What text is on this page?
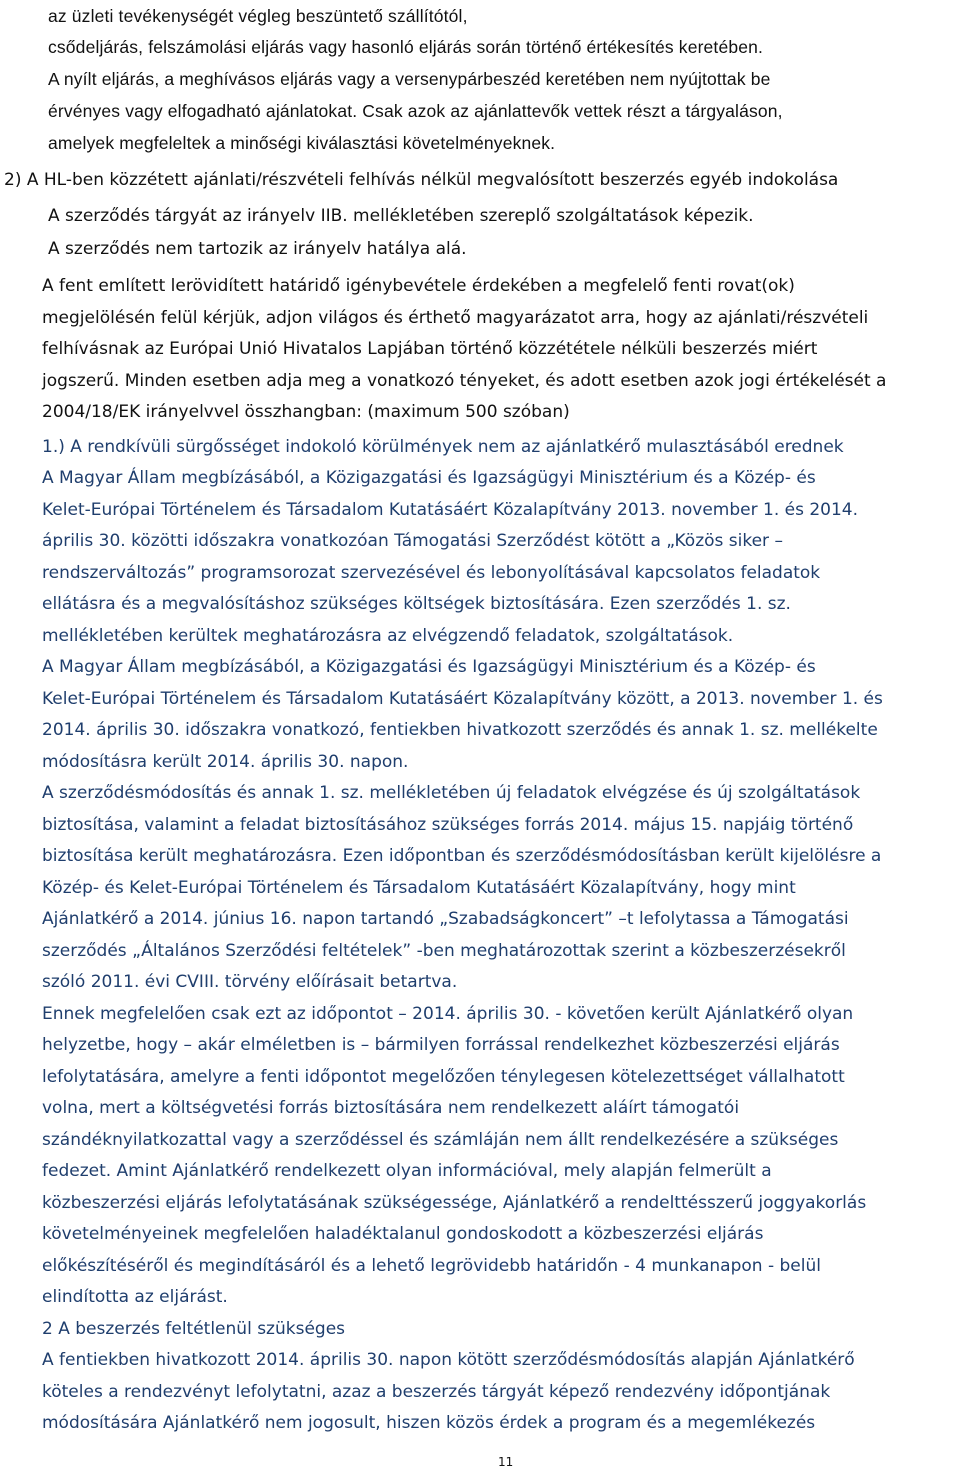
az üzleti tevékenységét végleg beszüntető szállítótól,

csődeljárás, felszámolási eljárás vagy hasonló eljárás során történő értékesítés keretében.

A nyílt eljárás, a meghívásos eljárás vagy a versenypárbeszéd keretében nem nyújtottak be

érvényes vagy elfogadható ajánlatokat. Csak azok az ajánlattevők vettek részt a tárgyaláson,

amelyek megfeleltek a minőségi kiválasztási követelményeknek.

2) A HL-ben közzétett ajánlati/részvételi felhívás nélkül megvalósított beszerzés egyéb indokolása

A szerződés tárgyát az irányelv IIB. mellékletében szereplő szolgáltatások képezik.

A szerződés nem tartozik az irányelv hatálya alá.

A fent említett lerövidített határidő igénybevétele érdekében a megfelelő fenti rovat(ok)

megjelölésén felül kérjük, adjon világos és érthető magyarázatot arra, hogy az ajánlati/részvételi

felhívásnak az Európai Unió Hivatalos Lapjában történő közzététele nélküli beszerzés miért

jogszerű. Minden esetben adja meg a vonatkozó tényeket, és adott esetben azok jogi értékelését a

2004/18/EK irányelvvel összhangban: (maximum 500 szóban)

1.) A rendkívüli sürgősséget indokoló körülmények nem az ajánlatkérő mulasztásából erednek

A Magyar Állam megbízásából, a Közigazgatási és Igazságügyi Minisztérium és a Közép- és

Kelet-Európai Történelem és Társadalom Kutatásáért Közalapítvány 2013. november 1. és 2014.

április 30. közötti időszakra vonatkozóan Támogatási Szerződést kötött a „Közös siker –

rendszerváltozás” programsorozat szervezésével és lebonyolításával kapcsolatos feladatok

ellátásra és a megvalósításhoz szükséges költségek biztosítására. Ezen szerződés 1. sz.

mellékletében kerültek meghatározásra az elvégzendő feladatok, szolgáltatások.

A Magyar Állam megbízásából, a Közigazgatási és Igazságügyi Minisztérium és a Közép- és

Kelet-Európai Történelem és Társadalom Kutatásáért Közalapítvány között, a 2013. november 1. és

2014. április 30. időszakra vonatkozó, fentiekben hivatkozott szerződés és annak 1. sz. mellékelte

módosításra került 2014. április 30. napon.

A szerződésmódosítás és annak 1. sz. mellékletében új feladatok elvégzése és új szolgáltatások

biztosítása, valamint a feladat biztosításához szükséges forrás 2014. május 15. napjáig történő

biztosítása került meghatározásra. Ezen időpontban és szerződésmódosításban került kijelölésre a

Közép- és Kelet-Európai Történelem és Társadalom Kutatásáért Közalapítvány, hogy mint

Ajánlatkérő a 2014. június 16. napon tartandó „Szabadságkoncert” –t lefolytassa a Támogatási

szerződés „Általános Szerződési feltételek” -ben meghatározottak szerint a közbeszerzésekről

szóló 2011. évi CVIII. törvény előírásait betartva.

Ennek megfelelően csak ezt az időpontot – 2014. április 30. - követően került Ajánlatkérő olyan

helyzetbe, hogy – akár elméletben is – bármilyen forrással rendelkezhet közbeszerzési eljárás

lefolytatására, amelyre a fenti időpontot megelőzően ténylegesen kötelezettséget vállalhatott

volna, mert a költségvetési forrás biztosítására nem rendelkezett aláírt támogatói

szándéknyilatkozattal vagy a szerződéssel és számláján nem állt rendelkezésére a szükséges

fedezet. Amint Ajánlatkérő rendelkezett olyan információval, mely alapján felmerült a

közbeszerzési eljárás lefolytatásának szükségessége, Ajánlatkérő a rendelttésszerű joggyakorlás

követelményeinek megfelelően haladéktalanul gondoskodott a közbeszerzési eljárás

előkészítéséről és megindításáról és a lehető legrövidebb határidőn - 4 munkanapon - belül

elindította az eljárást.

2 A beszerzés feltétlenül szükséges

A fentiekben hivatkozott 2014. április 30. napon kötött szerződésmódosítás alapján Ajánlatkérő

köteles a rendezvényt lefolytatni, azaz a beszerzés tárgyát képező rendezvény időpontjának

módosítására Ajánlatkérő nem jogosult, hiszen közös érdek a program és a megemlékezés

11
